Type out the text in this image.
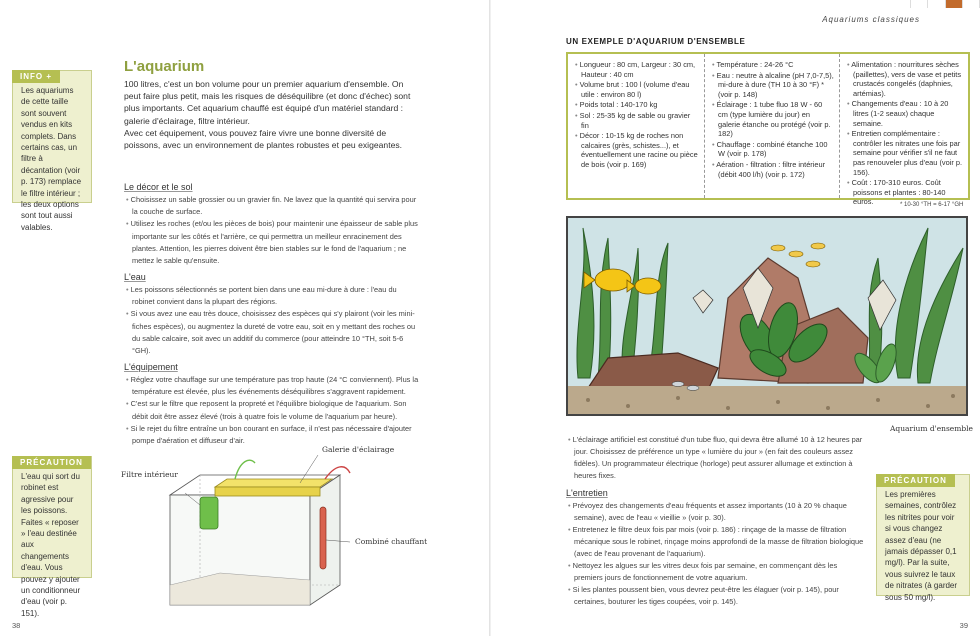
INFO +

Les aquariums de cette taille sont souvent vendus en kits complets. Dans certains cas, un filtre à décantation (voir p. 173) remplace le filtre intérieur ; les deux options sont tout aussi valables.

PRÉCAUTION

L'eau qui sort du robinet est agressive pour les poissons. Faites « reposer » l'eau destinée aux changements d'eau. Vous pouvez y ajouter un conditionneur d'eau (voir p. 151).

L'aquarium

100 litres, c'est un bon volume pour un premier aquarium d'ensemble. On peut faire plus petit, mais les risques de déséquilibre (et donc d'échec) sont plus importants. Cet aquarium chauffé est équipé d'un matériel standard : galerie d'éclairage, filtre intérieur.

Avec cet équipement, vous pouvez faire vivre une bonne diversité de poissons, avec un environnement de plantes robustes et peu exigeantes.

Le décor et le sol
• Choisissez un sable grossier ou un gravier fin. Ne lavez que la quantité qui servira pour la couche de surface.
• Utilisez les roches (et/ou les pièces de bois) pour maintenir une épaisseur de sable plus importante sur les côtés et l'arrière, ce qui permettra un meilleur enracinement des plantes. Attention, les pierres doivent être bien stables sur le fond de l'aquarium ; ne mettez le sable qu'ensuite.
L'eau
• Les poissons sélectionnés se portent bien dans une eau mi-dure à dure : l'eau du robinet convient dans la plupart des régions.
• Si vous avez une eau très douce, choisissez des espèces qui s'y plairont (voir les mini-fiches espèces), ou augmentez la dureté de votre eau, soit en y mettant des roches ou du sable calcaire, soit avec un additif du commerce (pour atteindre 10 °TH, soit 5-6 °GH).
L'équipement
• Réglez votre chauffage sur une température pas trop haute (24 °C conviennent). Plus la température est élevée, plus les événements déséquilibres s'aggravent rapidement.
• C'est sur le filtre que reposent la propreté et l'équilibre biologique de l'aquarium. Son débit doit être assez élevé (trois à quatre fois le volume de l'aquarium par heure).
• Si le rejet du filtre entraîne un bon courant en surface, il n'est pas nécessaire d'ajouter pompe d'aération et diffuseur d'air.
Filtre intérieur
Galerie d'éclairage
Combiné chauffant
38
Aquariums classiques
UN EXEMPLE D'AQUARIUM D'ENSEMBLE
• Longueur : 80 cm, Largeur : 30 cm, Hauteur : 40 cm
• Volume brut : 100 l (volume d'eau utile : environ 80 l)
• Poids total : 140-170 kg
• Sol : 25-35 kg de sable ou gravier fin
• Décor : 10-15 kg de roches non calcaires (grès, schistes...), et éventuellement une racine ou pièce de bois (voir p. 169)
• Température : 24-26 °C
• Eau : neutre à alcaline (pH 7,0-7,5), mi-dure à dure (TH 10 à 30 °F) * (voir p. 148)
• Éclairage : 1 tube fluo 18 W - 60 cm (type lumière du jour) en galerie étanche ou protégé (voir p. 182)
• Chauffage : combiné étanche 100 W (voir p. 178)
• Aération - filtration : filtre intérieur (débit 400 l/h) (voir p. 172)
• Alimentation : nourritures sèches (paillettes), vers de vase et petits crustacés congelés (daphnies, artémias).
• Changements d'eau : 10 à 20 litres (1-2 seaux) chaque semaine.
• Entretien complémentaire : contrôler les nitrates une fois par semaine pour vérifier s'il ne faut pas renouveler plus d'eau (voir p. 156).
• Coût : 170-310 euros. Coût poissons et plantes : 80-140 euros.	* 10-30 °TH = 6-17 °GH
Aquarium d'ensemble
• L'éclairage artificiel est constitué d'un tube fluo, qui devra être allumé 10 à 12 heures par jour. Choisissez de préférence un type « lumière du jour » (en fait des couleurs assez fidèles). Un programmateur électrique (horloge) peut assurer allumage et extinction à heures fixes.
L'entretien
• Prévoyez des changements d'eau fréquents et assez importants (10 à 20 % chaque semaine), avec de l'eau « vieillie » (voir p. 30).
• Entretenez le filtre deux fois par mois (voir p. 186) : rinçage de la masse de filtration mécanique sous le robinet, rinçage moins approfondi de la masse de filtration biologique (avec de l'eau provenant de l'aquarium).
• Nettoyez les algues sur les vitres deux fois par semaine, en commençant dès les premiers jours de fonctionnement de votre aquarium.
• Si les plantes poussent bien, vous devrez peut-être les élaguer (voir p. 145), pour certaines, bouturer les tiges coupées, voir p. 145).
PRÉCAUTION

Les premières semaines, contrôlez les nitrites pour voir si vous changez assez d'eau (ne jamais dépasser 0,1 mg/l). Par la suite, vous suivrez le taux de nitrates (à garder sous 50 mg/l).

39
